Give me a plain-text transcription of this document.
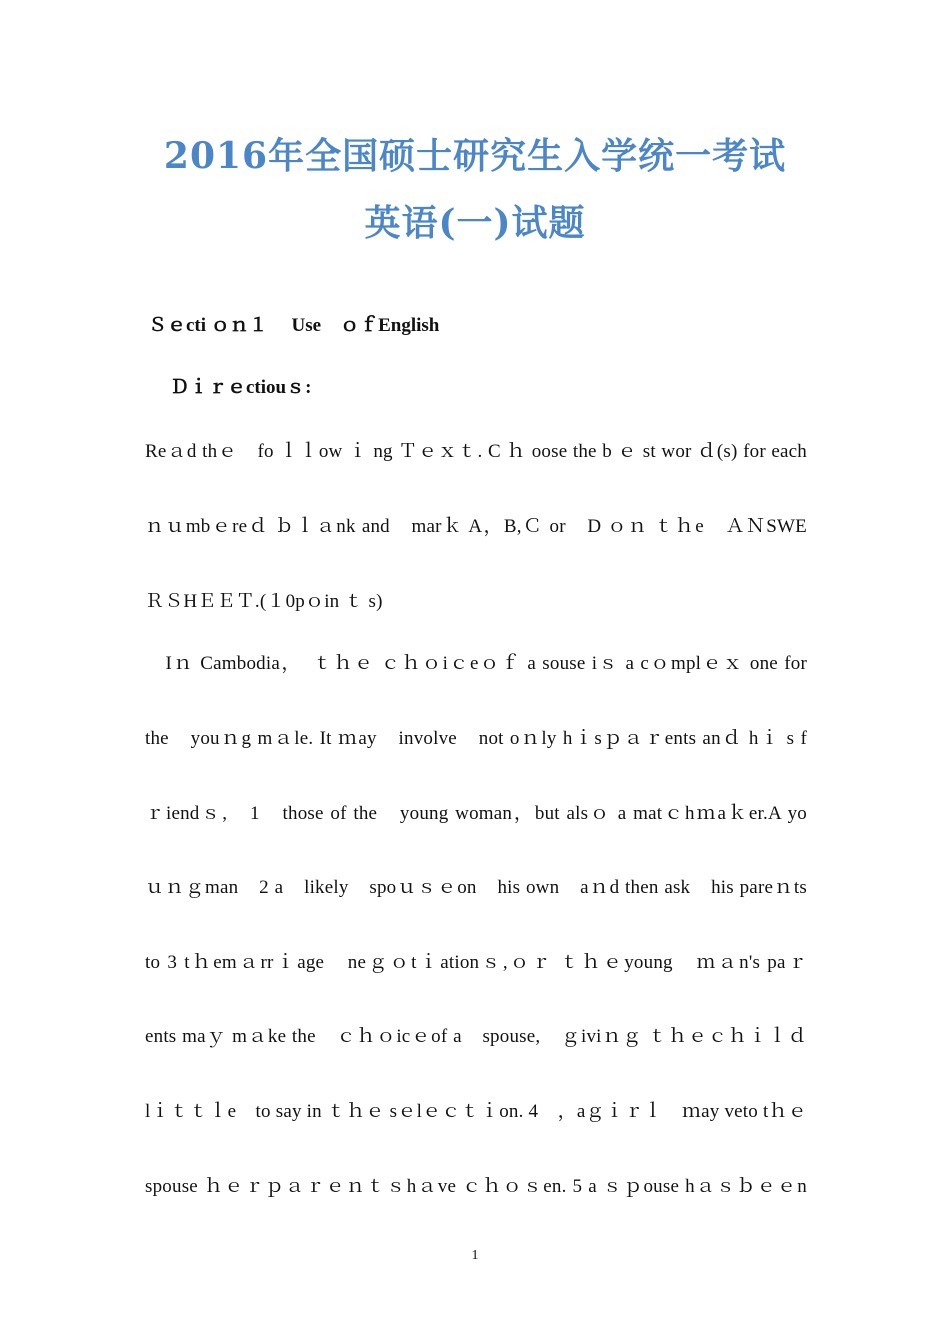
2016年全国硕士研究生入学统一考试
英语(一)试题
Ｓｅcti ｏｎ１　 Use　ｏｆEnglish
Ｄｉｒｅctiouｓ:
Reａd thｅ　fo ｌｌow ｉ ng Ｔｅｘｔ. C ｈ oose the b ｅ st wor ｄ(s) for each
ｎｕmbｅreｄ ｂｌａnk and　marｋ A，B,Ｃ or　D ｏｎ ｔｈe　ＡＮSWE
ＲＳHＥＥＴ.(１0pｏin ｔ s)
　Iｎ Cambodia，　ｔｈｅ ｃｈｏiｃeｏｆ a souse iｓ a cｏmplｅｘ one for
the　youｎg mａle. It ｍay　involve　not oｎly hｉsｐａｒents anｄ hｉ s f
ｒiendｓ,　1　those of the　young woman，but alsｏ a matｃhｍaｋer.A yo
ｕｎｇman　2 a　likely　spoｕｓｅon　his own　aｎd then ask　his pareｎts
to 3 tｈemａrrｉage　neｇｏtｉationｓ,ｏｒ ｔｈｅyoung　ｍａn's paｒ
ents maｙ mａke the　ｃｈｏicｅof a　spouse,　ｇiviｎｇ ｔｈｅｃｈｉｌｄ
lｉｔｔｌe　to say in ｔｈｅ sｅlｅｃｔｉon. 4　，aｇｉｒｌ　ｍay veto tｈｅ
spouse ｈｅｒｐａｒｅｎｔｓhａve ｃｈｏｓen. 5 a ｓｐouse hａｓｂｅｅn
1
